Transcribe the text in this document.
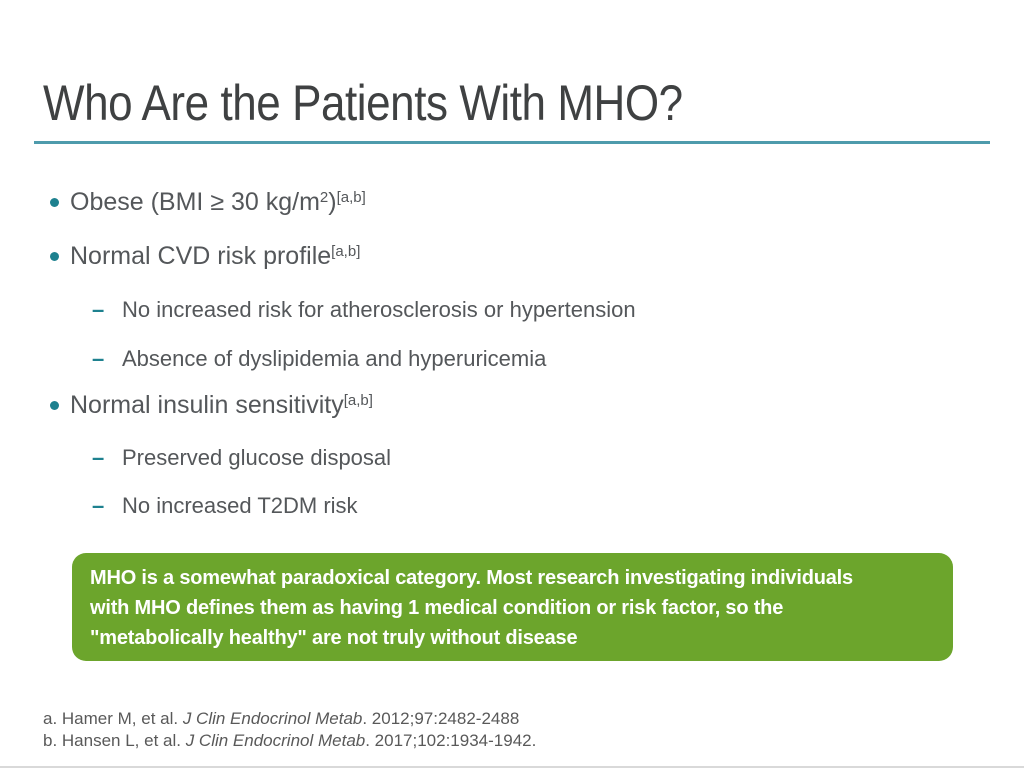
Who Are the Patients With MHO?
Obese (BMI ≥ 30 kg/m$^2$)[a,b]
Normal CVD risk profile[a,b]
– No increased risk for atherosclerosis or hypertension
– Absence of dyslipidemia and hyperuricemia
Normal insulin sensitivity[a,b]
– Preserved glucose disposal
– No increased T2DM risk
MHO is a somewhat paradoxical category. Most research investigating individuals
with MHO defines them as having 1 medical condition or risk factor, so the
"metabolically healthy" are not truly without disease
a. Hamer M, et al. J Clin Endocrinol Metab. 2012;97:2482-2488
b. Hansen L, et al. J Clin Endocrinol Metab. 2017;102:1934-1942.
